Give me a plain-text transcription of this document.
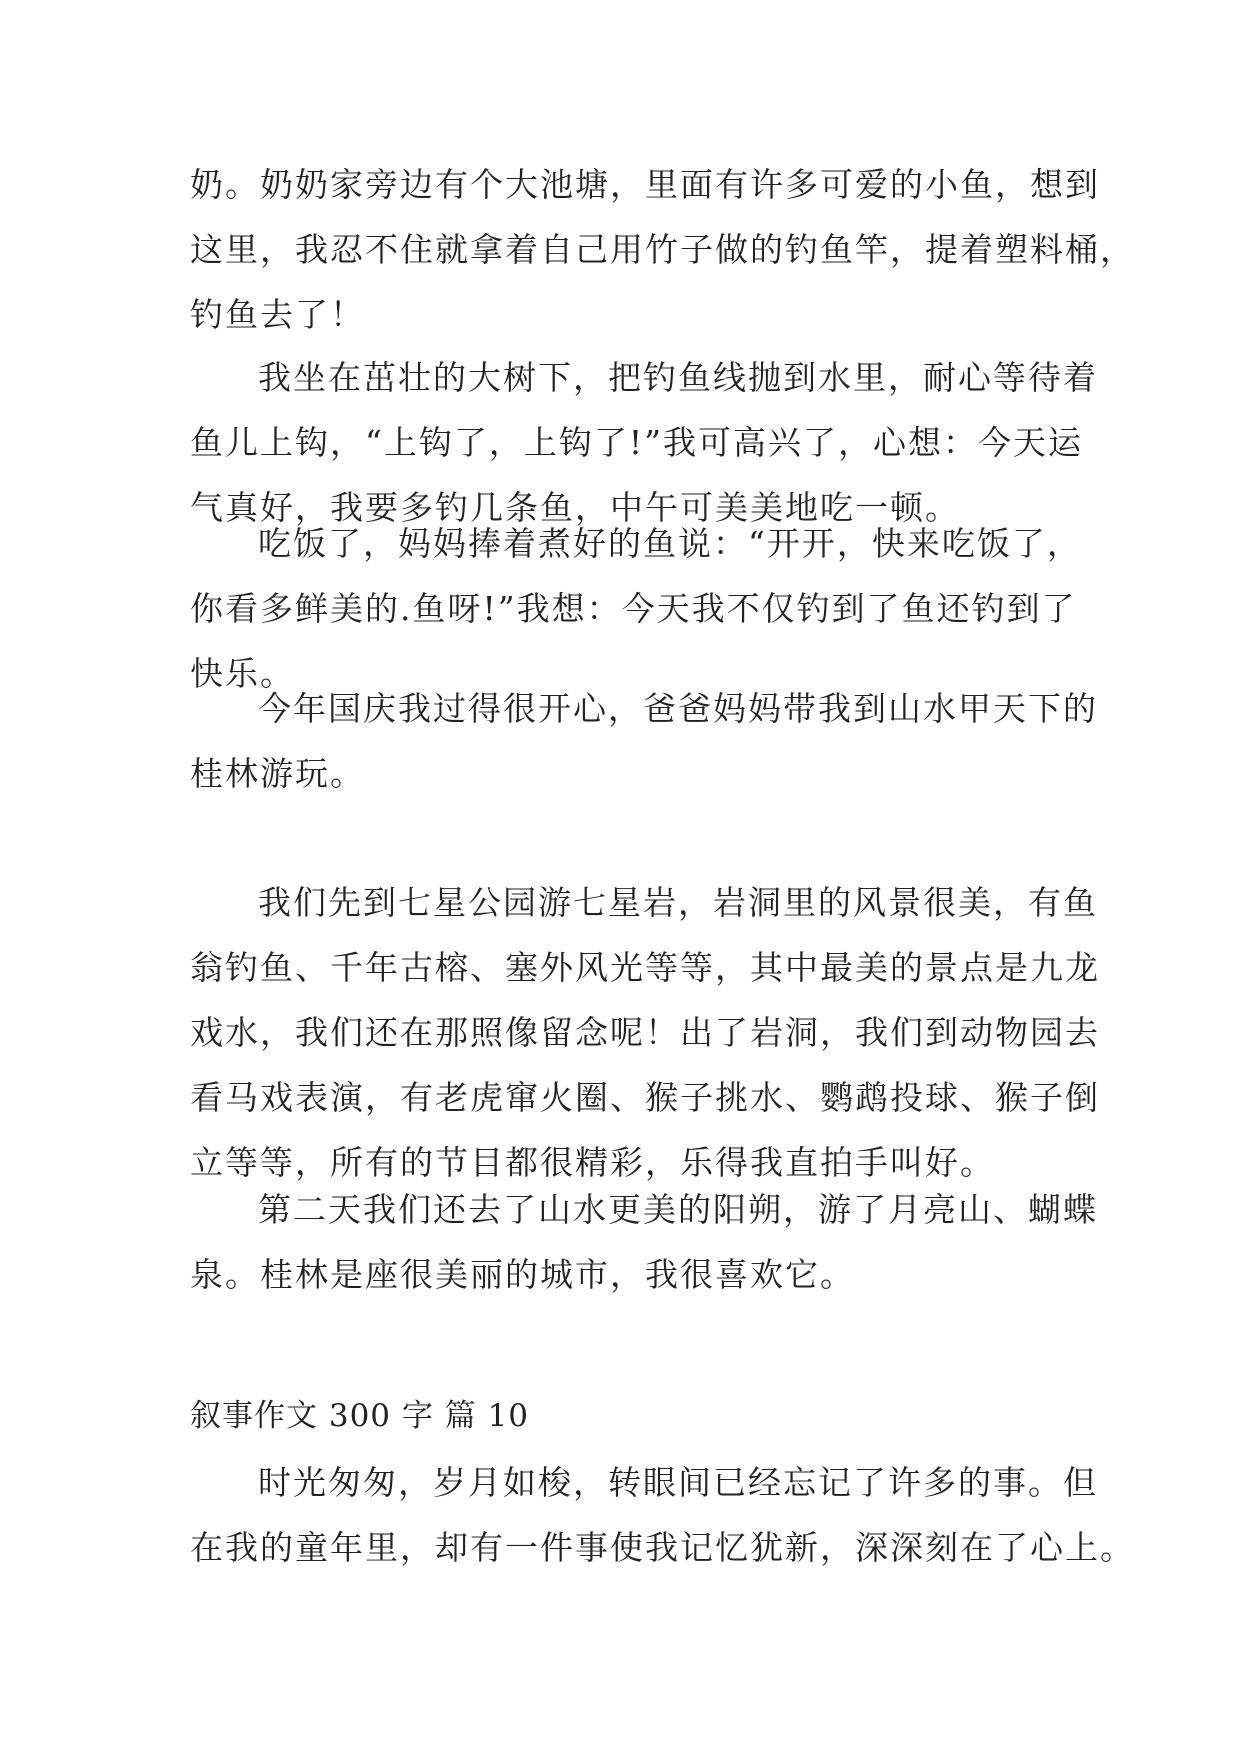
奶。奶奶家旁边有个大池塘，里面有许多可爱的小鱼，想到
这里，我忍不住就拿着自己用竹子做的钓鱼竿，提着塑料桶，
钓鱼去了！
我坐在茁壮的大树下，把钓鱼线抛到水里，耐心等待着
鱼儿上钩，“上钩了，上钩了!”我可高兴了，心想：今天运
气真好，我要多钓几条鱼，中午可美美地吃一顿。
吃饭了，妈妈捧着煮好的鱼说：“开开，快来吃饭了，
你看多鲜美的.鱼呀!”我想：今天我不仅钓到了鱼还钓到了
快乐。
今年国庆我过得很开心，爸爸妈妈带我到山水甲天下的
桂林游玩。
我们先到七星公园游七星岩，岩洞里的风景很美，有鱼
翁钓鱼、千年古榕、塞外风光等等，其中最美的景点是九龙
戏水，我们还在那照像留念呢！出了岩洞，我们到动物园去
看马戏表演，有老虎窜火圈、猴子挑水、鹦鹉投球、猴子倒
立等等，所有的节目都很精彩，乐得我直拍手叫好。
第二天我们还去了山水更美的阳朔，游了月亮山、蝴蝶
泉。桂林是座很美丽的城市，我很喜欢它。
叙事作文 300 字 篇 10
时光匆匆，岁月如梭，转眼间已经忘记了许多的事。但
在我的童年里，却有一件事使我记忆犹新，深深刻在了心上。
